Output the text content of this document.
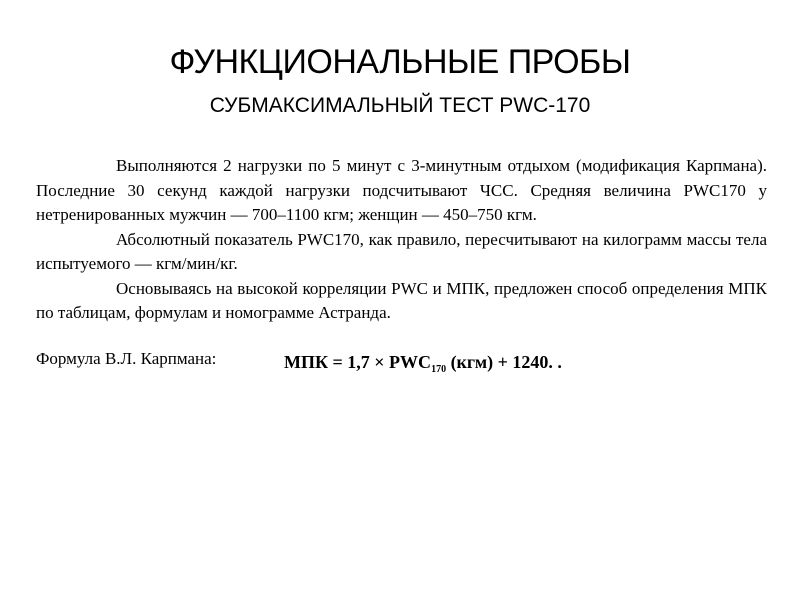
ФУНКЦИОНАЛЬНЫЕ ПРОБЫ
СУБМАКСИМАЛЬНЫЙ ТЕСТ PWC-170

Выполняются 2 нагрузки по 5 минут с 3-минутным отдыхом (модификация Карпмана). Последние 30 секунд каждой нагрузки подсчитывают ЧСС. Средняя величина PWC170 у нетренированных мужчин — 700–1100 кгм; женщин — 450–750 кгм.

Абсолютный показатель PWC170, как правило, пересчитывают на килограмм массы тела испытуемого — кгм/мин/кг.

Основываясь на высокой корреляции PWC и МПК, предложен способ определения МПК по таблицам, формулам и номограмме Астранда.

Формула В.Л. Карпмана:	МПК = $1,7 \times PWC_{170}$ (кгм) + 1240. .
